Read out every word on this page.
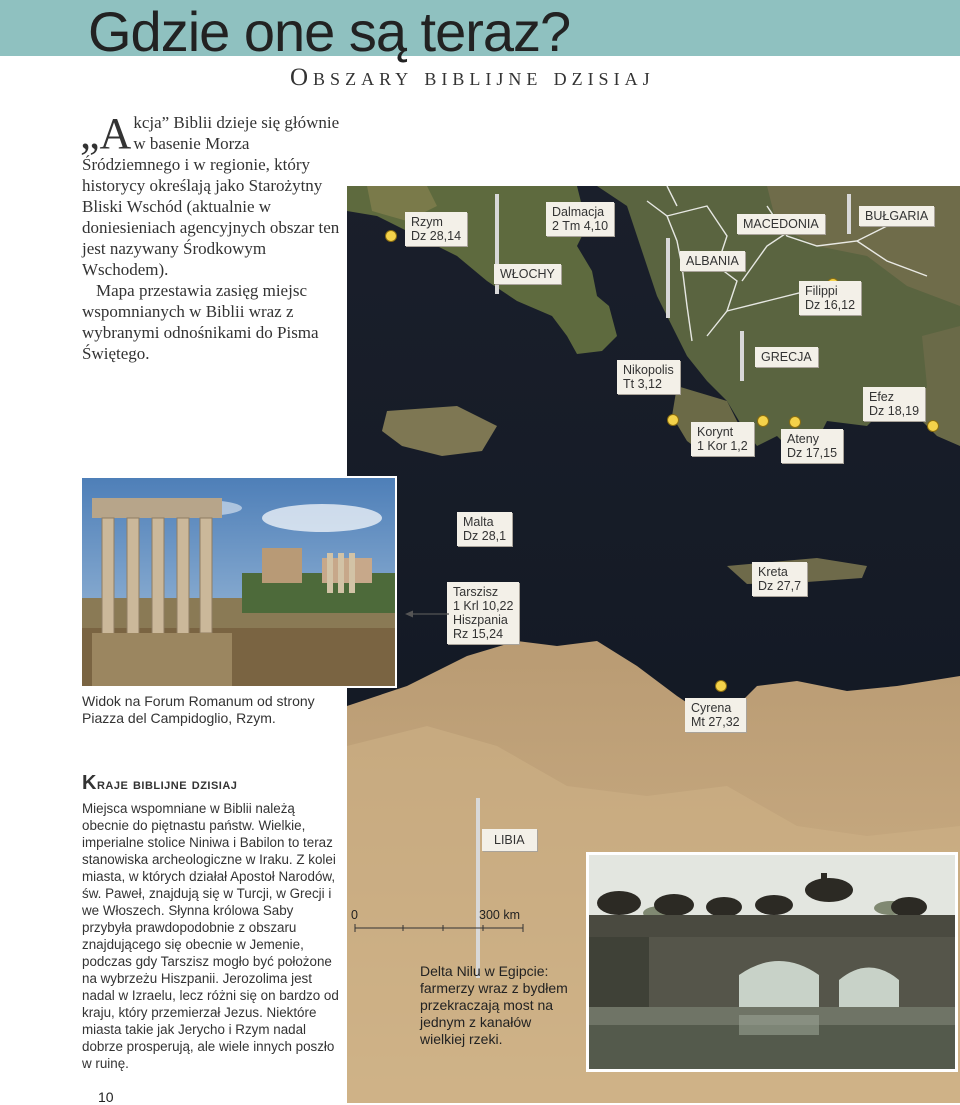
Gdzie one są teraz?
Obszary biblijne dzisiaj
„A kcja” Biblii dzieje się głównie w basenie Morza Śródziemnego i w regionie, który historycy określają jako Starożytny Bliski Wschód (aktualnie w doniesieniach agencyjnych obszar ten jest nazywany Środkowym Wschodem).

Mapa przestawia zasięg miejsc wspomnianych w Biblii wraz z wybranymi odnośnikami do Pisma Świętego.

Rzym
Dz 28,14
Dalmacja
2 Tm 4,10	MACEDONIA
BUŁGARIA
WŁOCHY
ALBANIA
Filippi
Dz 16,12
Nikopolis
Tt 3,12
GRECJA
Efez
Dz 18,19
Korynt
1 Kor 1,2	Ateny
Dz 17,15
Malta
Dz 28,1
Tarszisz
1 Krl 10,22
Hiszpania
Rz 15,24
Kreta
Dz 27,7
Cyrena
Mt 27,32
LIBIA
0	300 km
Widok na Forum Romanum od strony Piazza del Campidoglio, Rzym.
Kraje biblijne dzisiaj
Miejsca wspomniane w Biblii należą obecnie do piętnastu państw. Wielkie, imperialne stolice Niniwa i Babilon to teraz stanowiska archeologiczne w Iraku. Z kolei miasta, w których działał Apostoł Narodów, św. Paweł, znajdują się w Turcji, w Grecji i we Włoszech. Słynna królowa Saby przybyła prawdopodobnie z obszaru znajdującego się obecnie w Jemenie, podczas gdy Tarszisz mogło być położone na wybrzeżu Hiszpanii. Jerozolima jest nadal w Izraelu, lecz różni się on bardzo od kraju, który przemierzał Jezus. Niektóre miasta takie jak Jerycho i Rzym nadal dobrze prosperują, ale wiele innych poszło w ruinę.
Delta Nilu w Egipcie: farmerzy wraz z bydłem przekraczają most na jednym z kanałów wielkiej rzeki.
10
